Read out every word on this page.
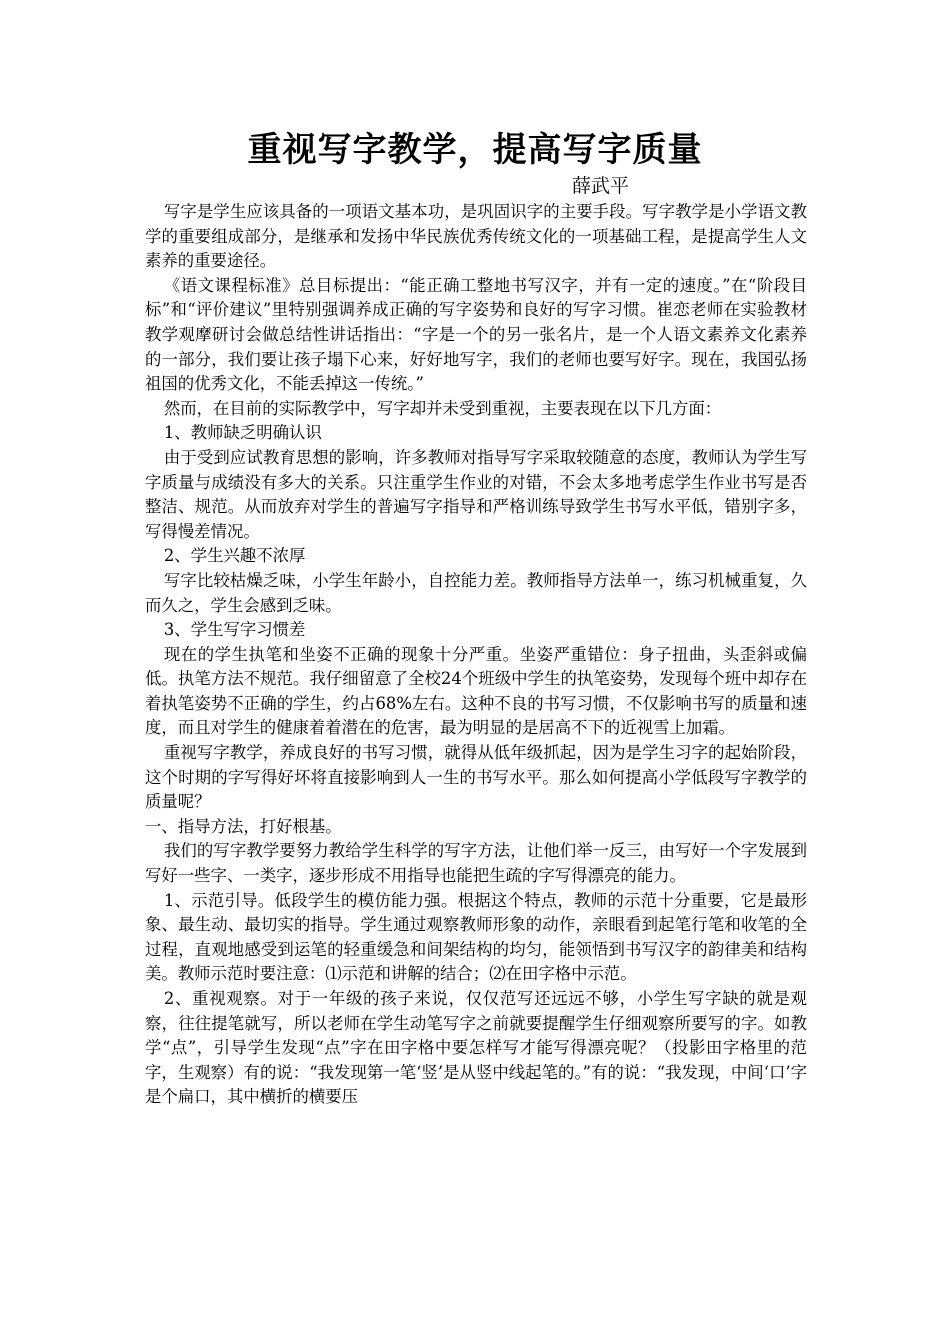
重视写字教学，提高写字质量
薛武平

写字是学生应该具备的一项语文基本功，是巩固识字的主要手段。写字教学是小学语文教学的重要组成部分，是继承和发扬中华民族优秀传统文化的一项基础工程，是提高学生人文素养的重要途径。

《语文课程标准》总目标提出：“能正确工整地书写汉字，并有一定的速度。”在“阶段目标”和“评价建议”里特别强调养成正确的写字姿势和良好的写字习惯。崔恋老师在实验教材教学观摩研讨会做总结性讲话指出：“字是一个的另一张名片，是一个人语文素养文化素养的一部分，我们要让孩子塌下心来，好好地写字，我们的老师也要写好字。现在，我国弘扬祖国的优秀文化，不能丢掉这一传统。”

然而，在目前的实际教学中，写字却并未受到重视，主要表现在以下几方面：

1、教师缺乏明确认识

由于受到应试教育思想的影响，许多教师对指导写字采取较随意的态度，教师认为学生写字质量与成绩没有多大的关系。只注重学生作业的对错，不会太多地考虑学生作业书写是否整洁、规范。从而放弃对学生的普遍写字指导和严格训练导致学生书写水平低，错别字多，写得慢差情况。

2、学生兴趣不浓厚

写字比较枯燥乏味，小学生年龄小，自控能力差。教师指导方法单一，练习机械重复，久而久之，学生会感到乏味。

3、学生写字习惯差

现在的学生执笔和坐姿不正确的现象十分严重。坐姿严重错位：身子扭曲，头歪斜或偏低。执笔方法不规范。我仔细留意了全校24个班级中学生的执笔姿势，发现每个班中却存在着执笔姿势不正确的学生，约占68%左右。这种不良的书写习惯，不仅影响书写的质量和速度，而且对学生的健康着着潜在的危害，最为明显的是居高不下的近视雪上加霜。

重视写字教学，养成良好的书写习惯，就得从低年级抓起，因为是学生习字的起始阶段，这个时期的字写得好坏将直接影响到人一生的书写水平。那么如何提高小学低段写字教学的质量呢？

一、指导方法，打好根基。

我们的写字教学要努力教给学生科学的写字方法，让他们举一反三，由写好一个字发展到写好一些字、一类字，逐步形成不用指导也能把生疏的字写得漂亮的能力。

1、示范引导。低段学生的模仿能力强。根据这个特点，教师的示范十分重要，它是最形象、最生动、最切实的指导。学生通过观察教师形象的动作，亲眼看到起笔行笔和收笔的全过程，直观地感受到运笔的轻重缓急和间架结构的均匀，能领悟到书写汉字的韵律美和结构美。教师示范时要注意：⑴示范和讲解的结合；⑵在田字格中示范。

2、重视观察。对于一年级的孩子来说，仅仅范写还远远不够，小学生写字缺的就是观察，往往提笔就写，所以老师在学生动笔写字之前就要提醒学生仔细观察所要写的字。如教学“点”，引导学生发现“点”字在田字格中要怎样写才能写得漂亮呢？（投影田字格里的范字，生观察）有的说：“我发现第一笔‘竖’是从竖中线起笔的。”有的说：“我发现，中间‘口’字是个扁口，其中横折的横要压
